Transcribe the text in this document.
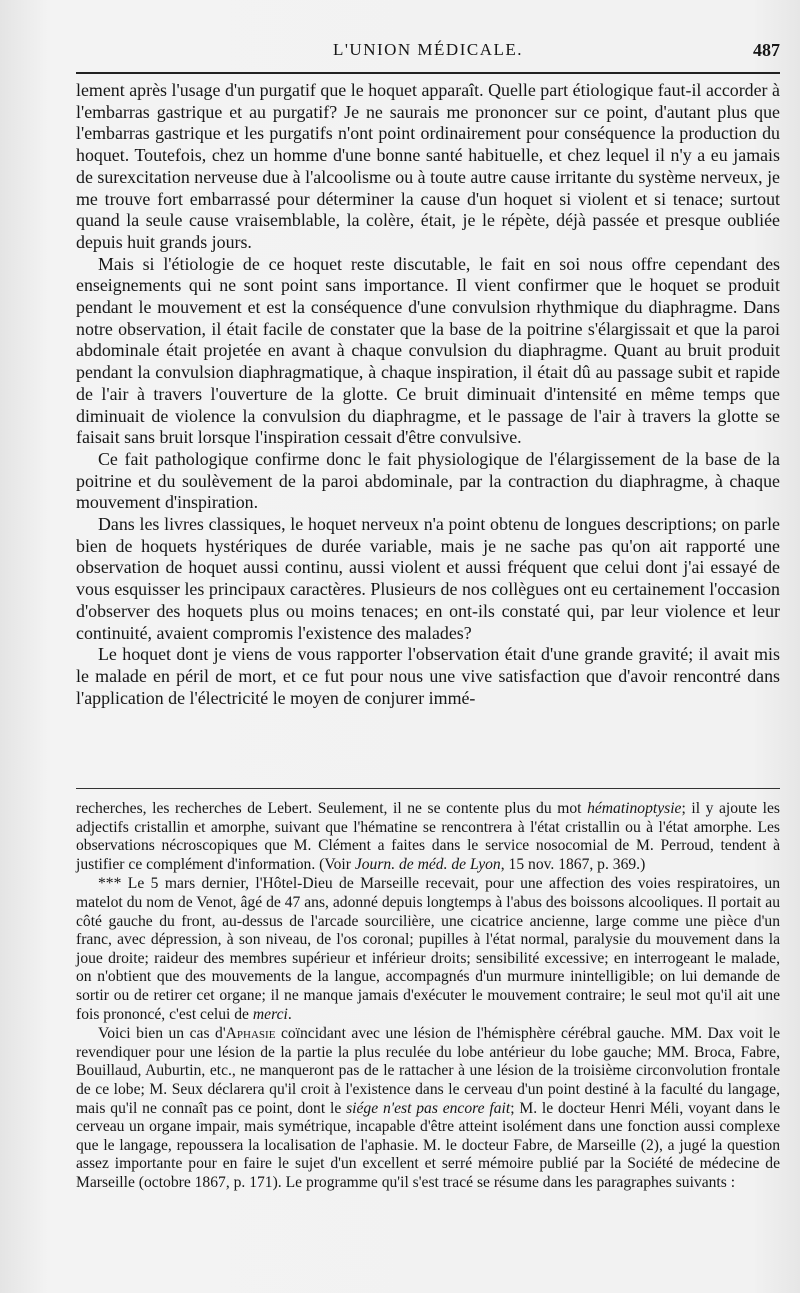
L'UNION MÉDICALE.	487

lement après l'usage d'un purgatif que le hoquet apparaît. Quelle part étiologique faut-il accorder à l'embarras gastrique et au purgatif? Je ne saurais me prononcer sur ce point, d'autant plus que l'embarras gastrique et les purgatifs n'ont point ordinairement pour conséquence la production du hoquet. Toutefois, chez un homme d'une bonne santé habituelle, et chez lequel il n'y a eu jamais de surexcitation nerveuse due à l'alcoolisme ou à toute autre cause irritante du système nerveux, je me trouve fort embarrassé pour déterminer la cause d'un hoquet si violent et si tenace; surtout quand la seule cause vraisemblable, la colère, était, je le répète, déjà passée et presque oubliée depuis huit grands jours.

Mais si l'étiologie de ce hoquet reste discutable, le fait en soi nous offre cependant des enseignements qui ne sont point sans importance. Il vient confirmer que le hoquet se produit pendant le mouvement et est la conséquence d'une convulsion rhythmique du diaphragme. Dans notre observation, il était facile de constater que la base de la poitrine s'élargissait et que la paroi abdominale était projetée en avant à chaque convulsion du diaphragme. Quant au bruit produit pendant la convulsion diaphragmatique, à chaque inspiration, il était dû au passage subit et rapide de l'air à travers l'ouverture de la glotte. Ce bruit diminuait d'intensité en même temps que diminuait de violence la convulsion du diaphragme, et le passage de l'air à travers la glotte se faisait sans bruit lorsque l'inspiration cessait d'être convulsive.

Ce fait pathologique confirme donc le fait physiologique de l'élargissement de la base de la poitrine et du soulèvement de la paroi abdominale, par la contraction du diaphragme, à chaque mouvement d'inspiration.

Dans les livres classiques, le hoquet nerveux n'a point obtenu de longues descriptions; on parle bien de hoquets hystériques de durée variable, mais je ne sache pas qu'on ait rapporté une observation de hoquet aussi continu, aussi violent et aussi fréquent que celui dont j'ai essayé de vous esquisser les principaux caractères. Plusieurs de nos collègues ont eu certainement l'occasion d'observer des hoquets plus ou moins tenaces; en ont-ils constaté qui, par leur violence et leur continuité, avaient compromis l'existence des malades?

Le hoquet dont je viens de vous rapporter l'observation était d'une grande gravité; il avait mis le malade en péril de mort, et ce fut pour nous une vive satisfaction que d'avoir rencontré dans l'application de l'électricité le moyen de conjurer immé-

recherches, les recherches de Lebert. Seulement, il ne se contente plus du mot hématinoptysie; il y ajoute les adjectifs cristallin et amorphe, suivant que l'hématine se rencontrera à l'état cristallin ou à l'état amorphe. Les observations nécroscopiques que M. Clément a faites dans le service nosocomial de M. Perroud, tendent à justifier ce complément d'information. (Voir Journ. de méd. de Lyon, 15 nov. 1867, p. 369.)

*** Le 5 mars dernier, l'Hôtel-Dieu de Marseille recevait, pour une affection des voies respiratoires, un matelot du nom de Venot, âgé de 47 ans, adonné depuis longtemps à l'abus des boissons alcooliques. Il portait au côté gauche du front, au-dessus de l'arcade sourcilière, une cicatrice ancienne, large comme une pièce d'un franc, avec dépression, à son niveau, de l'os coronal; pupilles à l'état normal, paralysie du mouvement dans la joue droite; raideur des membres supérieur et inférieur droits; sensibilité excessive; en interrogeant le malade, on n'obtient que des mouvements de la langue, accompagnés d'un murmure inintelligible; on lui demande de sortir ou de retirer cet organe; il ne manque jamais d'exécuter le mouvement contraire; le seul mot qu'il ait une fois prononcé, c'est celui de merci.

Voici bien un cas d'Aphasie coïncidant avec une lésion de l'hémisphère cérébral gauche. MM. Dax voit le revendiquer pour une lésion de la partie la plus reculée du lobe antérieur du lobe gauche; MM. Broca, Fabre, Bouillaud, Auburtin, etc., ne manqueront pas de le rattacher à une lésion de la troisième circonvolution frontale de ce lobe; M. Seux déclarera qu'il croit à l'existence dans le cerveau d'un point destiné à la faculté du langage, mais qu'il ne connaît pas ce point, dont le siége n'est pas encore fait; M. le docteur Henri Méli, voyant dans le cerveau un organe impair, mais symétrique, incapable d'être atteint isolément dans une fonction aussi complexe que le langage, repoussera la localisation de l'aphasie. M. le docteur Fabre, de Marseille (2), a jugé la question assez importante pour en faire le sujet d'un excellent et serré mémoire publié par la Société de médecine de Marseille (octobre 1867, p. 171). Le programme qu'il s'est tracé se résume dans les paragraphes suivants :
